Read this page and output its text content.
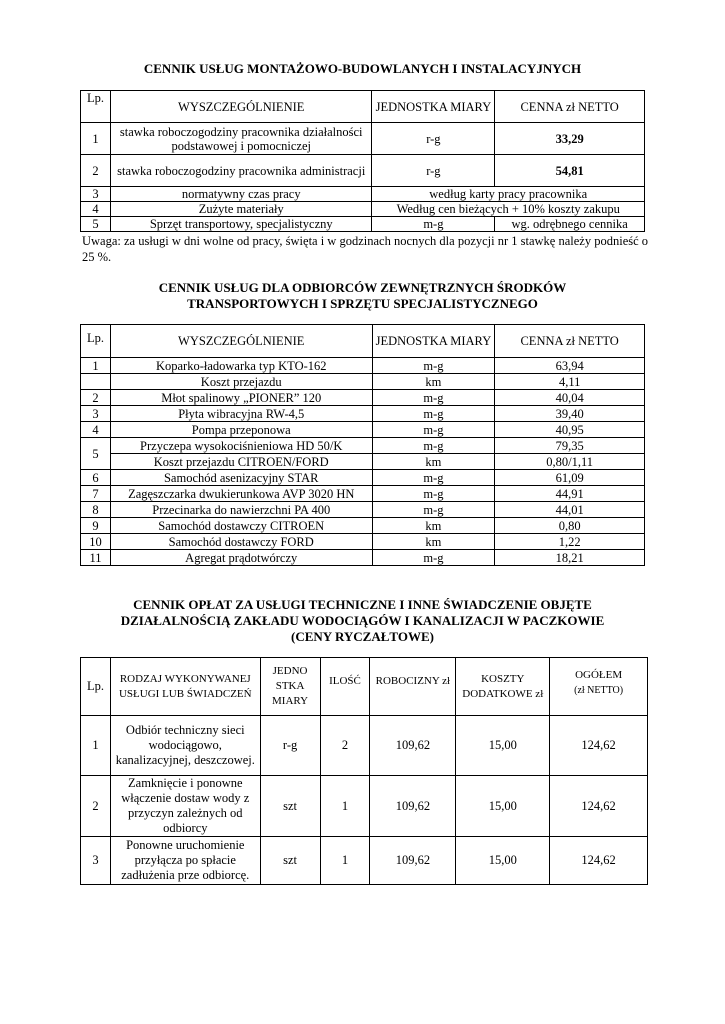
CENNIK USŁUG MONTAŻOWO-BUDOWLANYCH I INSTALACYJNYCH
Lp.	WYSZCZEGÓLNIENIE	JEDNOSTKA MIARY	CENNA zł NETTO
1	stawka roboczogodziny pracownika działalności podstawowej i pomocniczej	r-g	33,29
2	stawka roboczogodziny pracownika administracji	r-g	54,81
3	normatywny czas pracy	według karty pracy pracownika	
4	Zużyte materiały	Według cen bieżących + 10% koszty zakupu	
5	Sprzęt transportowy, specjalistyczny	m-g	wg. odrębnego cennika
Uwaga: za usługi w dni wolne od pracy, święta i w godzinach nocnych dla pozycji nr 1 stawkę należy podnieść o 25 %.
CENNIK USŁUG DLA ODBIORCÓW ZEWNĘTRZNYCH ŚRODKÓW TRANSPORTOWYCH I SPRZĘTU SPECJALISTYCZNEGO
Lp.	WYSZCZEGÓLNIENIE	JEDNOSTKA MIARY	CENNA zł NETTO
1	Koparko-ładowarka typ KTO-162	m-g	63,94
	Koszt przejazdu	km	4,11
2	Młot spalinowy „PIONER” 120	m-g	40,04
3	Płyta wibracyjna RW-4,5	m-g	39,40
4	Pompa przeponowa	m-g	40,95
5	Przyczepa wysokociśnieniowa HD 50/K	m-g	79,35
	Koszt przejazdu CITROEN/FORD	km	0,80/1,11
6	Samochód asenizacyjny STAR	m-g	61,09
7	Zagęszczarka dwukierunkowa AVP 3020 HN	m-g	44,91
8	Przecinarka do nawierzchni PA 400	m-g	44,01
9	Samochód dostawczy CITROEN	km	0,80
10	Samochód dostawczy FORD	km	1,22
11	Agregat prądotwórczy	m-g	18,21
CENNIK OPŁAT ZA USŁUGI TECHNICZNE I INNE ŚWIADCZENIE OBJĘTE DZIAŁALNOŚCIĄ ZAKŁADU WODOCIĄGÓW I KANALIZACJI W PACZKOWIE (CENY RYCZAŁTOWE)
Lp.	RODZAJ WYKONYWANEJ USŁUGI LUB ŚWIADCZEŃ	JEDNO STKA MIARY	ILOŚĆ	ROBOCIZNY zł	KOSZTY DODATKOWE zł	OGÓŁEM
(zł NETTO)

1	Odbiór techniczny sieci wodociągowo, kanalizacyjnej, deszczowej.	r-g	2	109,62	15,00	124,62
2	Zamknięcie i ponowne włączenie dostaw wody z przyczyn zależnych od odbiorcy	szt	1	109,62	15,00	124,62
3	Ponowne uruchomienie przyłącza po spłacie zadłużenia prze odbiorcę.	szt	1	109,62	15,00	124,62
